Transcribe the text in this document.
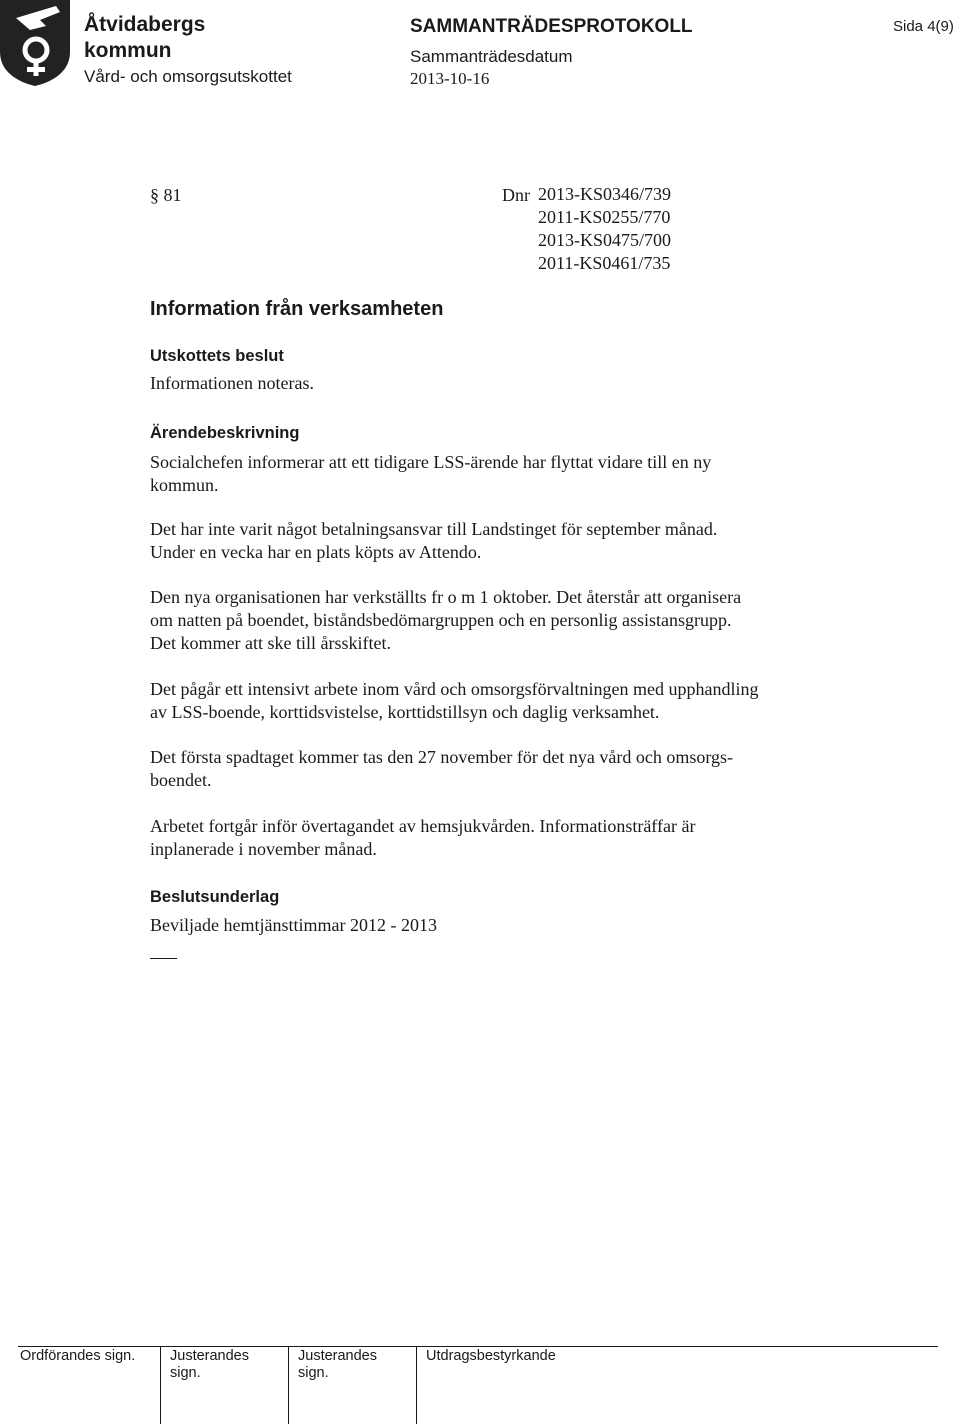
Åtvidabergs
kommun
Vård- och omsorgsutskottet
SAMMANTRÄDESPROTOKOLL
Sammanträdesdatum
2013-10-16
Sida 4(9)
§ 81	Dnr 2013-KS0346/739
2011-KS0255/770
2013-KS0475/700
2011-KS0461/735
Information från verksamheten
Utskottets beslut
Informationen noteras.
Ärendebeskrivning
Socialchefen informerar att ett tidigare LSS-ärende har flyttat vidare till en ny
kommun.
Det har inte varit något betalningsansvar till Landstinget för september månad.
Under en vecka har en plats köpts av Attendo.
Den nya organisationen har verkställts fr o m 1 oktober. Det återstår att organisera
om natten på boendet, biståndsbedömargruppen och en personlig assistansgrupp.
Det kommer att ske till årsskiftet.
Det pågår ett intensivt arbete inom vård och omsorgsförvaltningen med upphandling
av LSS-boende, korttidsvistelse, korttidstillsyn och daglig verksamhet.
Det första spadtaget kommer tas den 27 november för det nya vård och omsorgs-
boendet.
Arbetet fortgår inför övertagandet av hemsjukvården. Informationsträffar är
inplanerade i november månad.
Beslutsunderlag
Beviljade hemtjänsttimmar 2012 - 2013
Ordförandes sign. Justerandes
sign.
Justerandes
sign.
Utdragsbestyrkande
